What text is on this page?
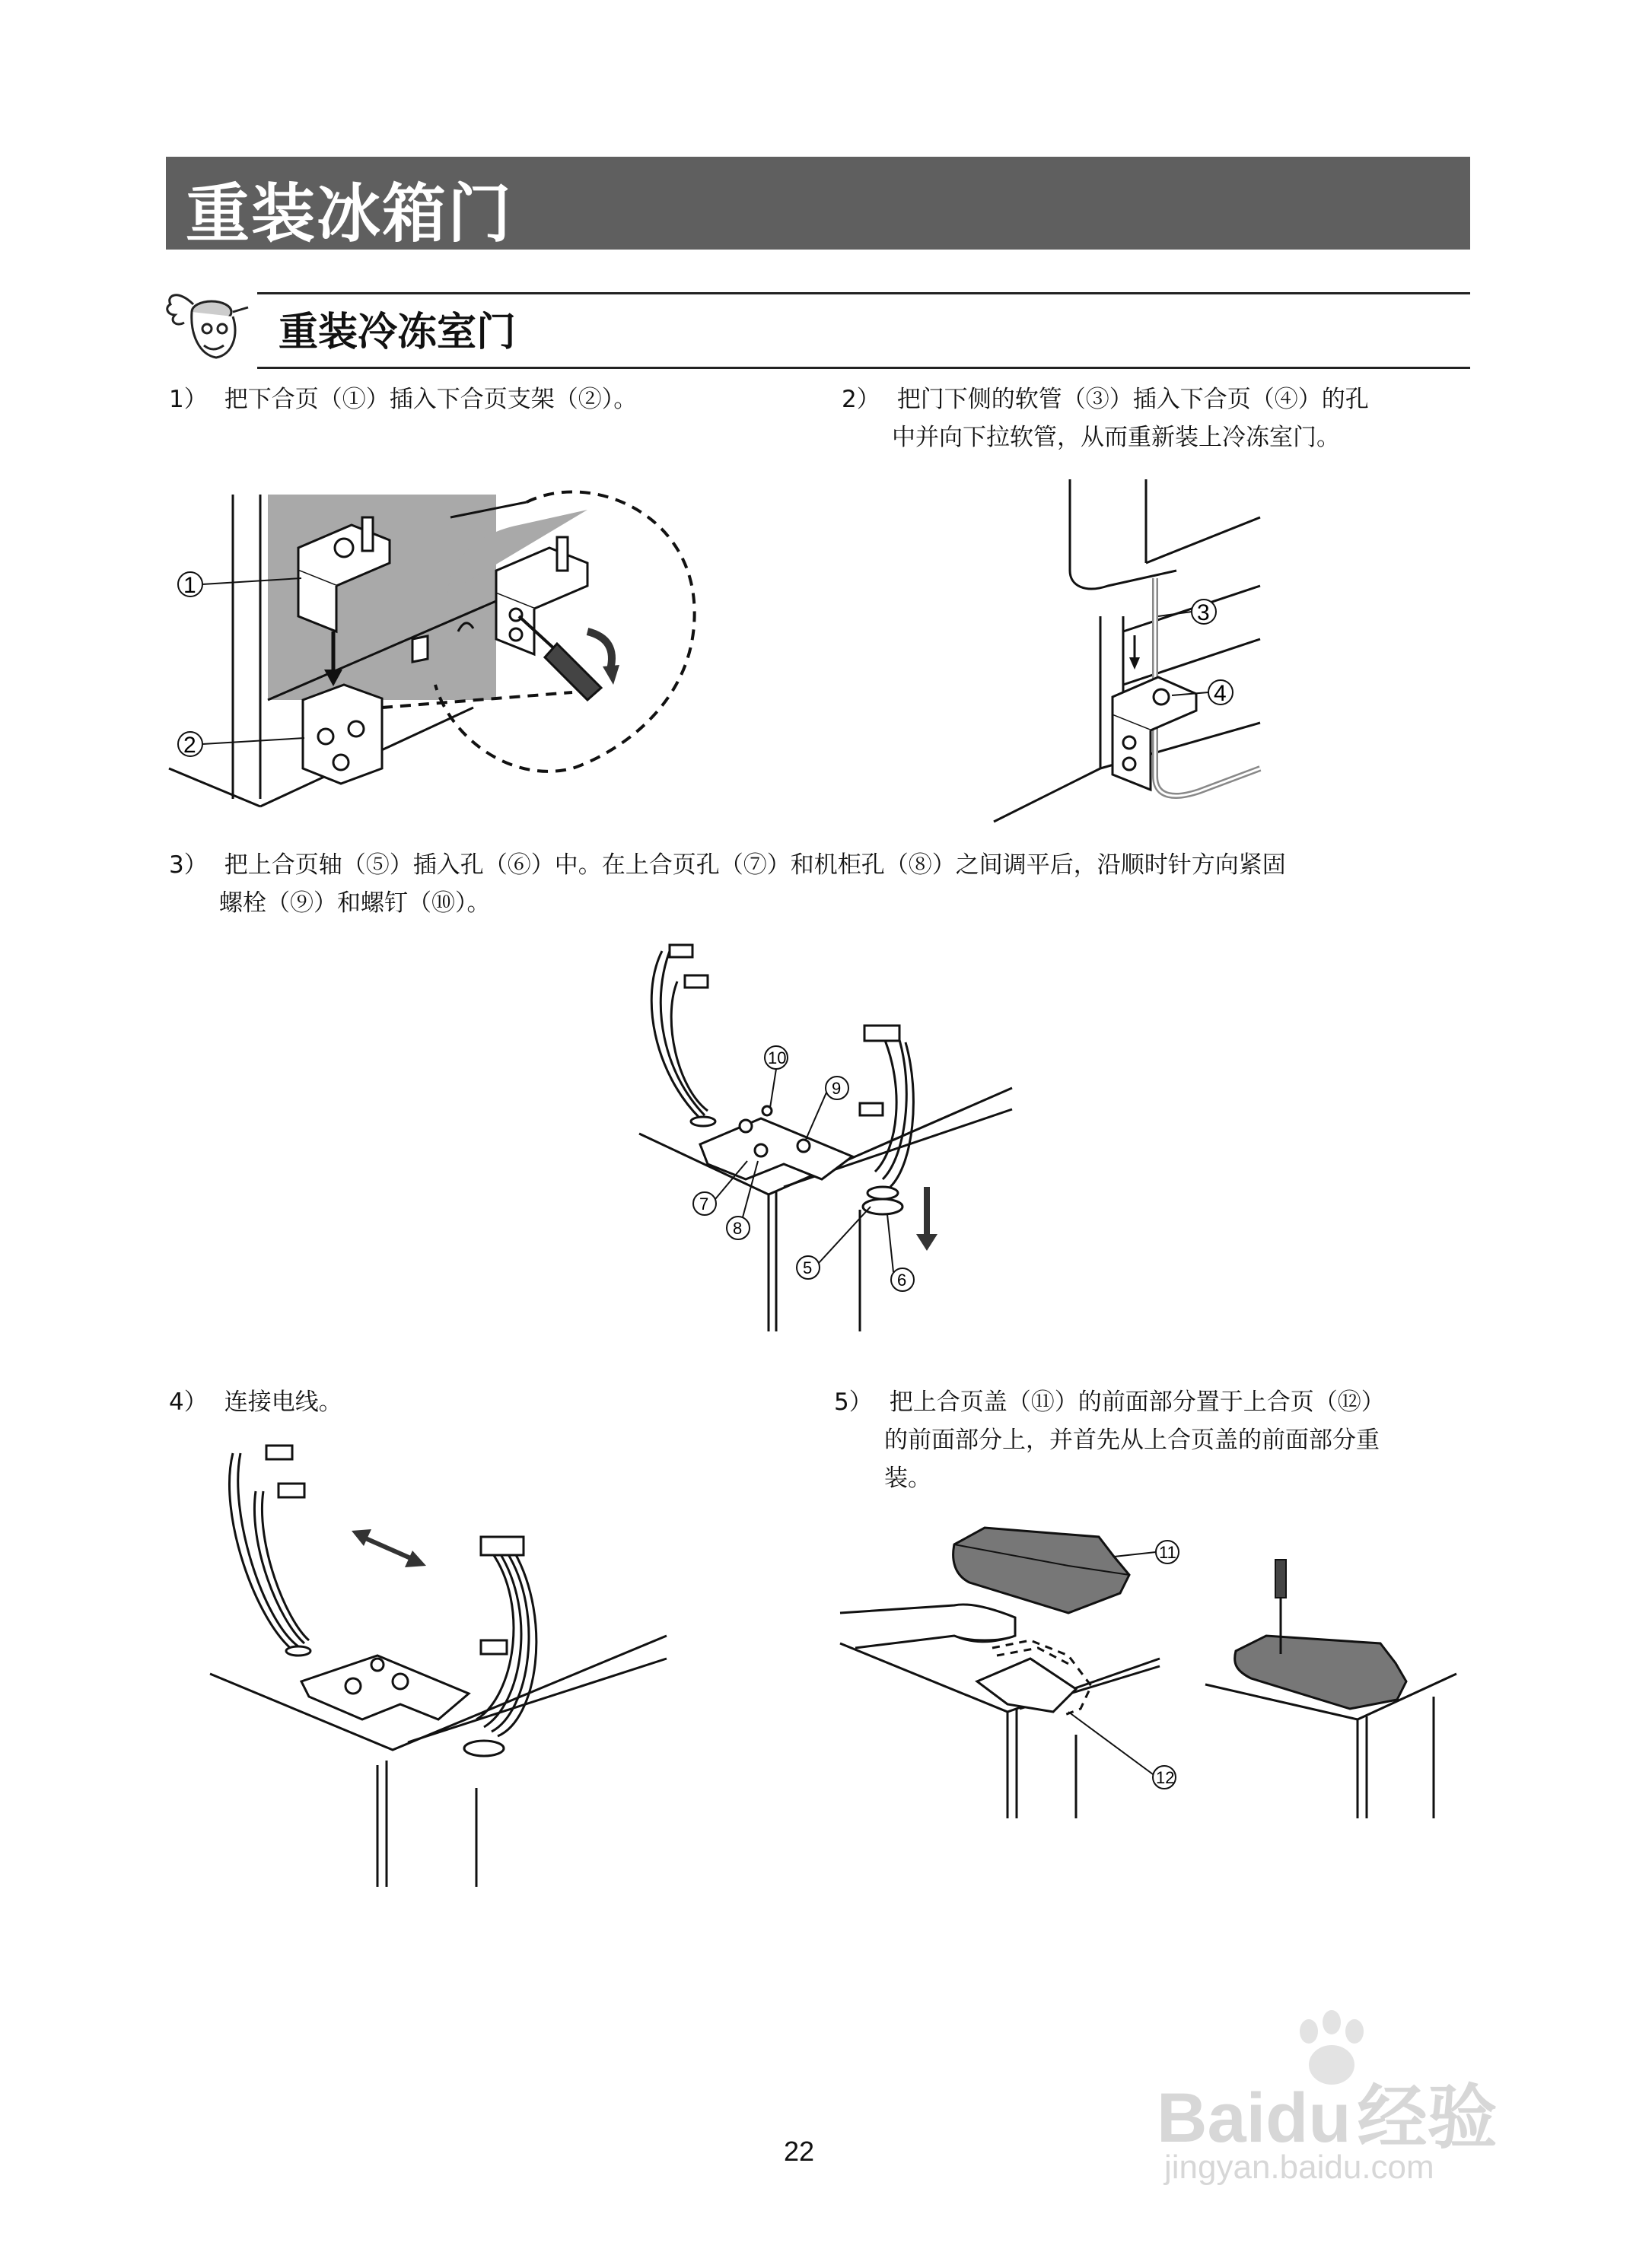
重装冰箱门
重装冷冻室门
1） 把下合页（①）插入下合页支架（②）。	2） 把门下侧的软管（③）插入下合页（④）的孔
中并向下拉软管，从而重新装上冷冻室门。
1
2
3
4
3） 把上合页轴（⑤）插入孔（⑥）中。在上合页孔（⑦）和机柜孔（⑧）之间调平后，沿顺时针方向紧固
螺栓（⑨）和螺钉（⑩）。
10
9
7
8
5
6
4） 连接电线。	5） 把上合页盖（⑪）的前面部分置于上合页（⑫）
的前面部分上，并首先从上合页盖的前面部分重
装。
11
12
22	Baidu经验
jingyan.baidu.com
